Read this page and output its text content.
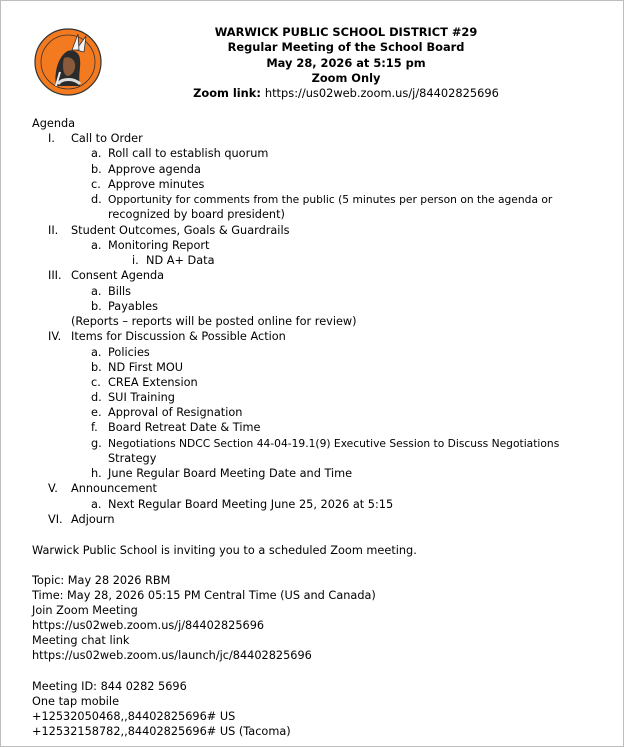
WARWICK PUBLIC SCHOOL DISTRICT #29
Regular Meeting of the School Board
May 28, 2026 at 5:15 pm
Zoom Only
Zoom link: https://us02web.zoom.us/j/84402825696
Agenda
I. Call to Order
a. Roll call to establish quorum
b. Approve agenda
c. Approve minutes
d. Opportunity for comments from the public (5 minutes per person on the agenda or
recognized by board president)
II. Student Outcomes, Goals & Guardrails
a. Monitoring Report
i. ND A+ Data
III. Consent Agenda
a. Bills
b. Payables
(Reports – reports will be posted online for review)
IV. Items for Discussion & Possible Action
a. Policies
b. ND First MOU
c. CREA Extension
d. SUI Training
e. Approval of Resignation
f. Board Retreat Date & Time
g. Negotiations NDCC Section 44-04-19.1(9) Executive Session to Discuss Negotiations
Strategy
h. June Regular Board Meeting Date and Time
V. Announcement
a. Next Regular Board Meeting June 25, 2026 at 5:15
VI. Adjourn
Warwick Public School is inviting you to a scheduled Zoom meeting.
Topic: May 28 2026 RBM
Time: May 28, 2026 05:15 PM Central Time (US and Canada)
Join Zoom Meeting
https://us02web.zoom.us/j/84402825696
Meeting chat link
https://us02web.zoom.us/launch/jc/84402825696
Meeting ID: 844 0282 5696
One tap mobile
+12532050468,,84402825696# US
+12532158782,,84402825696# US (Tacoma)
